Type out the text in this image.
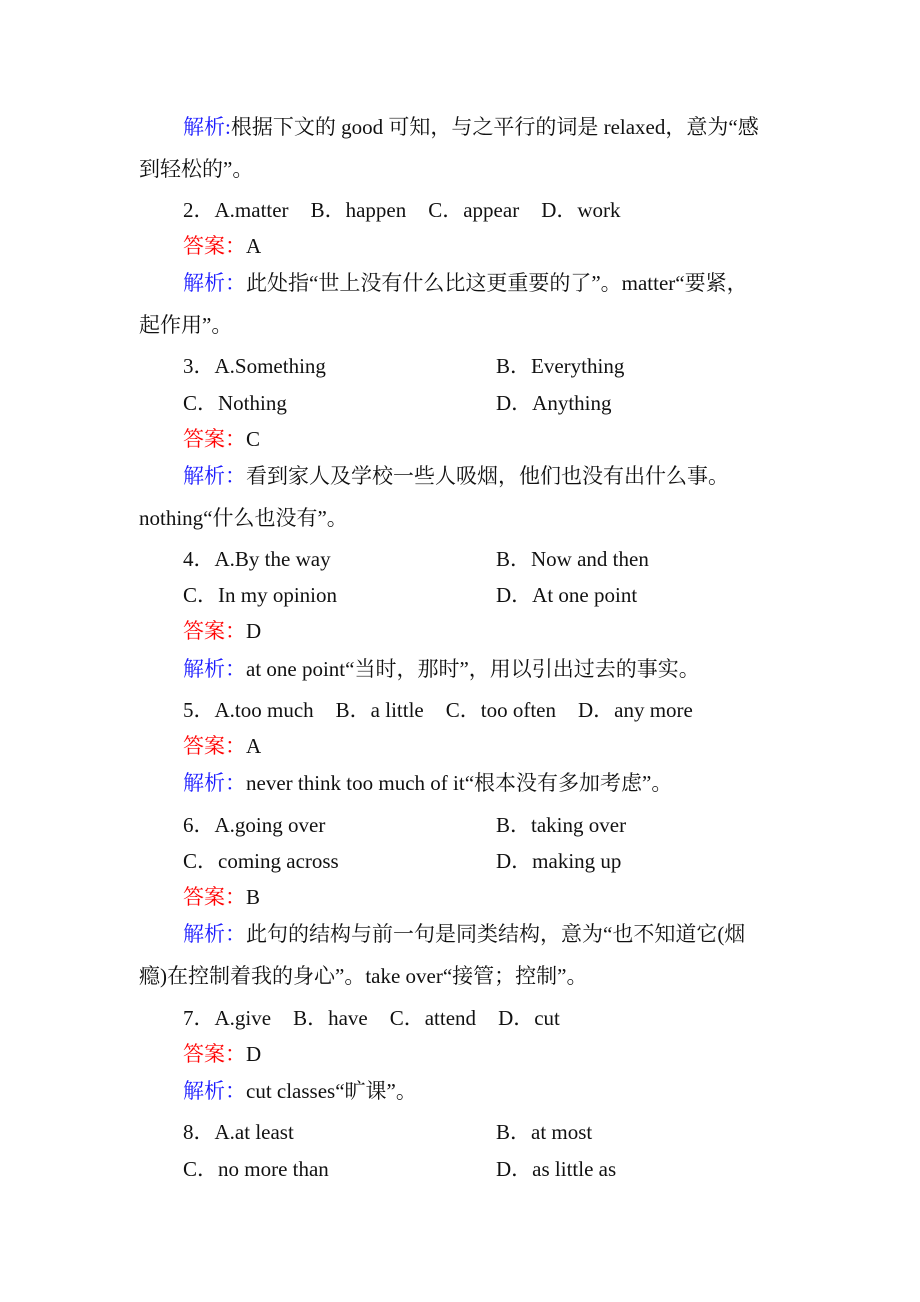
解析:根据下文的 good 可知，与之平行的词是 relaxed，意为“感
到轻松的”。
2．A.matter B．happen C．appear D．work
答案：A
解析：此处指“世上没有什么比这更重要的了”。matter“要紧，
起作用”。
3．A.Something	B．Everything
C．Nothing	D．Anything
答案：C
解析：看到家人及学校一些人吸烟，他们也没有出什么事。
nothing“什么也没有”。
4．A.By the way	B．Now and then
C．In my opinion	D．At one point
答案：D
解析：at one point“当时，那时”，用以引出过去的事实。
5．A.too much B．a little C．too often D．any more
答案：A
解析：never think too much of it“根本没有多加考虑”。
6．A.going over	B．taking over
C．coming across	D．making up
答案：B
解析：此句的结构与前一句是同类结构，意为“也不知道它(烟
瘾)在控制着我的身心”。take over“接管；控制”。
7．A.give B．have C．attend D．cut
答案：D
解析：cut classes“旷课”。
8．A.at least	B．at most
C．no more than	D．as little as
